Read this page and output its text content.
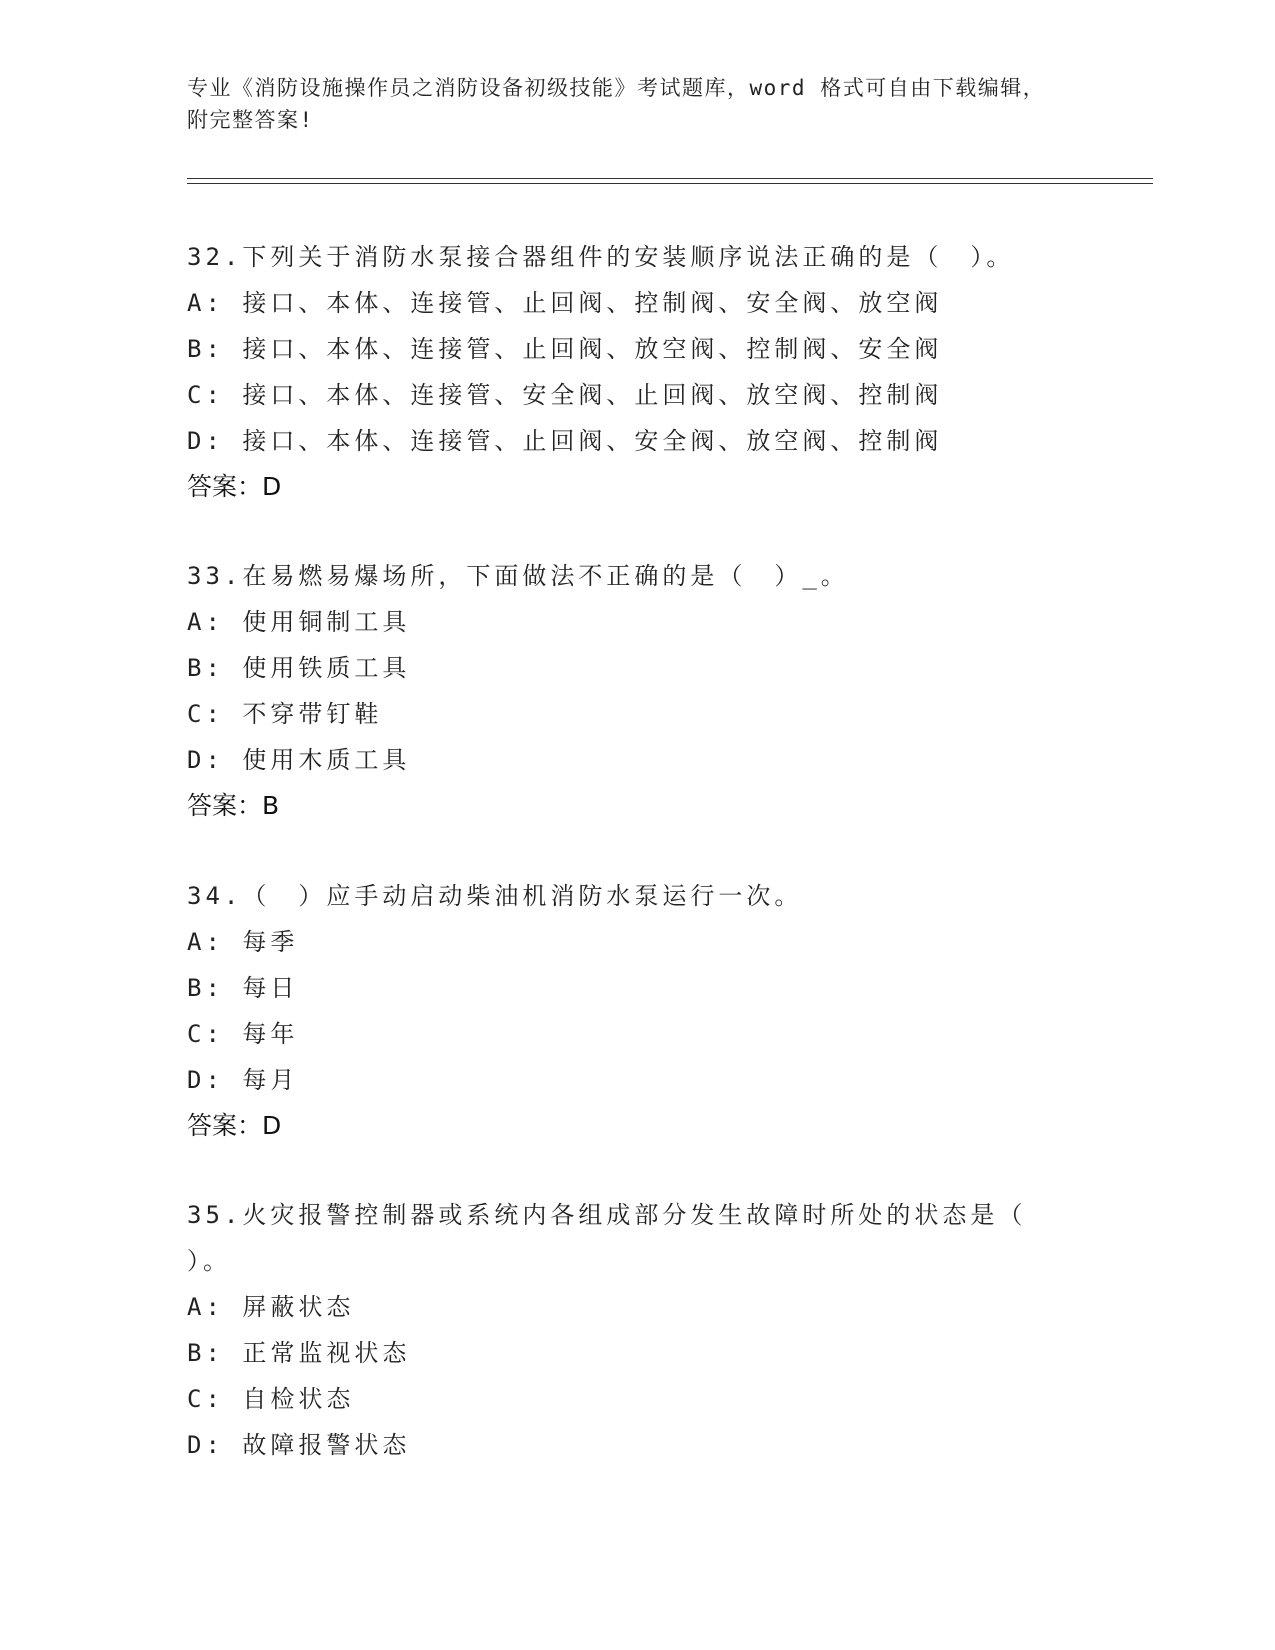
专业《消防设施操作员之消防设备初级技能》考试题库，word 格式可自由下载编辑，附完整答案!
32.下列关于消防水泵接合器组件的安装顺序说法正确的是（　）。
A: 接口、本体、连接管、止回阀、控制阀、安全阀、放空阀
B: 接口、本体、连接管、止回阀、放空阀、控制阀、安全阀
C: 接口、本体、连接管、安全阀、止回阀、放空阀、控制阀
D: 接口、本体、连接管、止回阀、安全阀、放空阀、控制阀
答案：D
33.在易燃易爆场所，下面做法不正确的是（　）_。
A: 使用铜制工具
B: 使用铁质工具
C: 不穿带钉鞋
D: 使用木质工具
答案：B
34.（　）应手动启动柴油机消防水泵运行一次。
A: 每季
B: 每日
C: 每年
D: 每月
答案：D
35.火灾报警控制器或系统内各组成部分发生故障时所处的状态是（ ）。
A: 屏蔽状态
B: 正常监视状态
C: 自检状态
D: 故障报警状态
